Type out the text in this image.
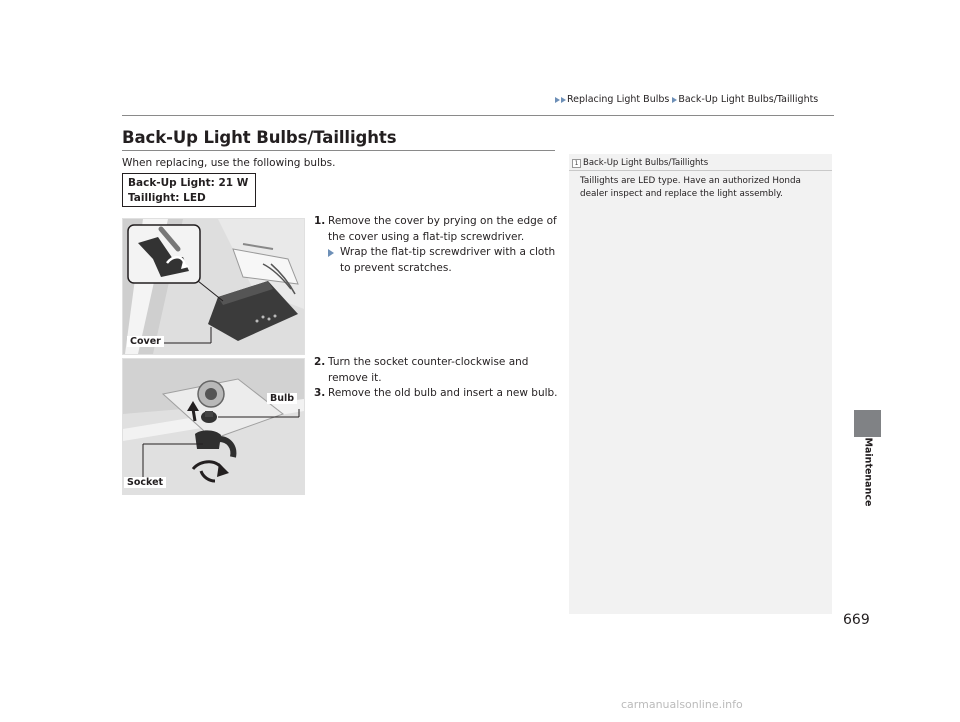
Replacing Light Bulbs Back-Up Light Bulbs/Taillights
Back-Up Light Bulbs/Taillights
When replacing, use the following bulbs.
Back-Up Light: 21 W
Taillight: LED
Cover
Bulb
Socket
1. Remove the cover by prying on the edge of
the cover using a flat-tip screwdriver.
Wrap the flat-tip screwdriver with a cloth
to prevent scratches.
2. Turn the socket counter-clockwise and
remove it.
3. Remove the old bulb and insert a new bulb.
1 Back-Up Light Bulbs/Taillights
Taillights are LED type. Have an authorized Honda
dealer inspect and replace the light assembly.
Maintenance
669
carmanualsonline.info
